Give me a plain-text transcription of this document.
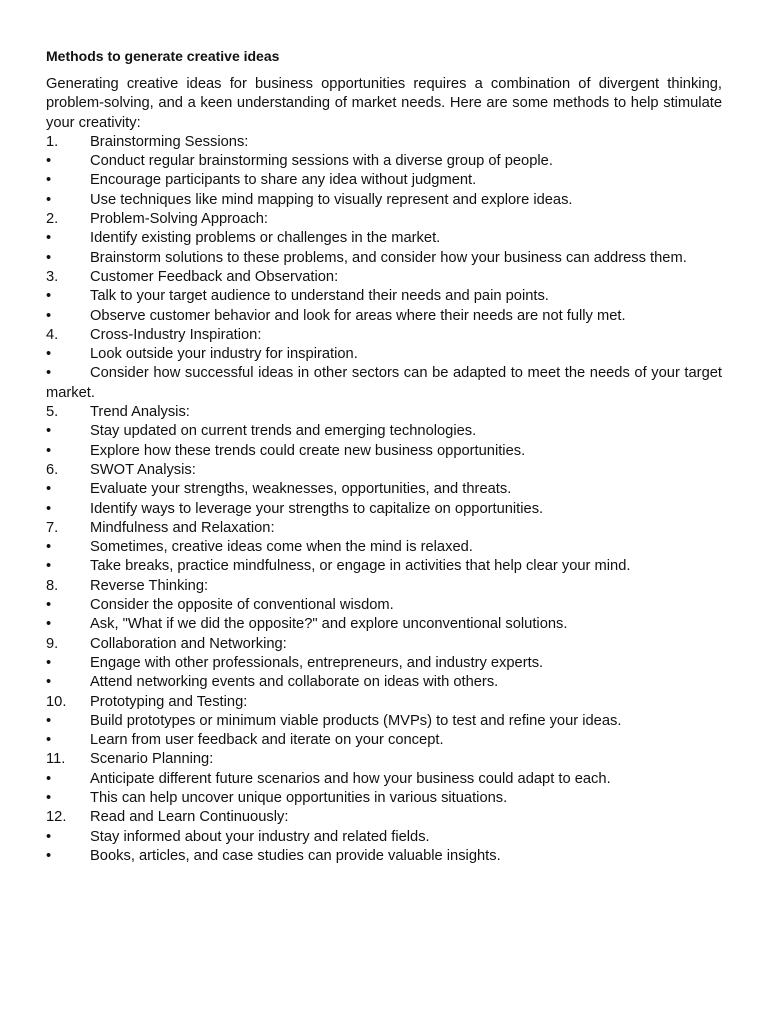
Methods to generate creative ideas
Generating creative ideas for business opportunities requires a combination of divergent thinking, problem-solving, and a keen understanding of market needs. Here are some methods to help stimulate your creativity:
1. Brainstorming Sessions:
•	Conduct regular brainstorming sessions with a diverse group of people.
•	Encourage participants to share any idea without judgment.
•	Use techniques like mind mapping to visually represent and explore ideas.
2. Problem-Solving Approach:
•	Identify existing problems or challenges in the market.
•	Brainstorm solutions to these problems, and consider how your business can address them.
3. Customer Feedback and Observation:
•	Talk to your target audience to understand their needs and pain points.
•	Observe customer behavior and look for areas where their needs are not fully met.
4. Cross-Industry Inspiration:
•	Look outside your industry for inspiration.
•	Consider how successful ideas in other sectors can be adapted to meet the needs of your target market.
5. Trend Analysis:
•	Stay updated on current trends and emerging technologies.
•	Explore how these trends could create new business opportunities.
6. SWOT Analysis:
•	Evaluate your strengths, weaknesses, opportunities, and threats.
•	Identify ways to leverage your strengths to capitalize on opportunities.
7. Mindfulness and Relaxation:
•	Sometimes, creative ideas come when the mind is relaxed.
•	Take breaks, practice mindfulness, or engage in activities that help clear your mind.
8. Reverse Thinking:
•	Consider the opposite of conventional wisdom.
•	Ask, "What if we did the opposite?" and explore unconventional solutions.
9. Collaboration and Networking:
•	Engage with other professionals, entrepreneurs, and industry experts.
•	Attend networking events and collaborate on ideas with others.
10. Prototyping and Testing:
•	Build prototypes or minimum viable products (MVPs) to test and refine your ideas.
•	Learn from user feedback and iterate on your concept.
11. Scenario Planning:
•	Anticipate different future scenarios and how your business could adapt to each.
•	This can help uncover unique opportunities in various situations.
12. Read and Learn Continuously:
•	Stay informed about your industry and related fields.
•	Books, articles, and case studies can provide valuable insights.
